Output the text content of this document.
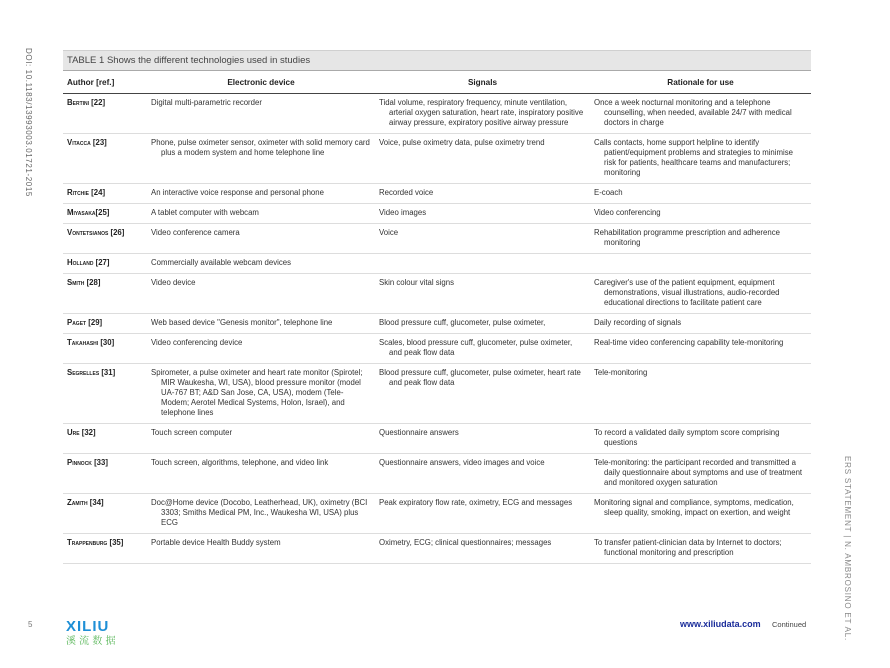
DOI: 10.1183/13993003.01721-2015
ERS STATEMENT | N. AMBROSINO ET AL.
5
TABLE 1 Shows the different technologies used in studies
Author [ref.]	Electronic device	Signals	Rationale for use
Bertini [22]	Digital multi-parametric recorder	Tidal volume, respiratory frequency, minute ventilation, arterial oxygen saturation, heart rate, inspiratory positive airway pressure, expiratory positive airway pressure	Once a week nocturnal monitoring and a telephone counselling, when needed, available 24/7 with medical doctors in charge
Vitacca [23]	Phone, pulse oximeter sensor, oximeter with solid memory card plus a modem system and home telephone line	Voice, pulse oximetry data, pulse oximetry trend	Calls contacts, home support helpline to identify patient/equipment problems and strategies to minimise risk for patients, healthcare teams and manufacturers; monitoring
Ritchie [24]	An interactive voice response and personal phone	Recorded voice	E-coach
Miyasaka[25]	A tablet computer with webcam	Video images	Video conferencing
Vontetsianos [26]	Video conference camera	Voice	Rehabilitation programme prescription and adherence monitoring
Holland [27]	Commercially available webcam devices		
Smith [28]	Video device	Skin colour vital signs	Caregiver's use of the patient equipment, equipment demonstrations, visual illustrations, audio-recorded educational directions to facilitate patient care
Paget [29]	Web based device "Genesis monitor", telephone line	Blood pressure cuff, glucometer, pulse oximeter,	Daily recording of signals
Takahashi [30]	Video conferencing device	Scales, blood pressure cuff, glucometer, pulse oximeter, and peak flow data	Real-time video conferencing capability tele-monitoring
Segrelles [31]	Spirometer, a pulse oximeter and heart rate monitor (Spirotel; MIR Waukesha, WI, USA), blood pressure monitor (model UA-767 BT; A&D San Jose, CA, USA), modem (Tele-Modem; Aerotel Medical Systems, Holon, Israel), and telephone lines	Blood pressure cuff, glucometer, pulse oximeter, heart rate and peak flow data	Tele-monitoring
Ure [32]	Touch screen computer	Questionnaire answers	To record a validated daily symptom score comprising questions
Pinnock [33]	Touch screen, algorithms, telephone, and video link	Questionnaire answers, video images and voice	Tele-monitoring: the participant recorded and transmitted a daily questionnaire about symptoms and use of treatment and monitored oxygen saturation
Zamith [34]	Doc@Home device (Docobo, Leatherhead, UK), oximetry (BCI 3303; Smiths Medical PM, Inc., Waukesha WI, USA) plus ECG	Peak expiratory flow rate, oximetry, ECG and messages	Monitoring signal and compliance, symptoms, medication, sleep quality, smoking, impact on exertion, and weight
Trappenburg [35]	Portable device Health Buddy system	Oximetry, ECG; clinical questionnaires; messages	To transfer patient-clinician data by Internet to doctors; functional monitoring and prescription
XILIU
溪 流 数 据
www.xiliudata.com Continued
